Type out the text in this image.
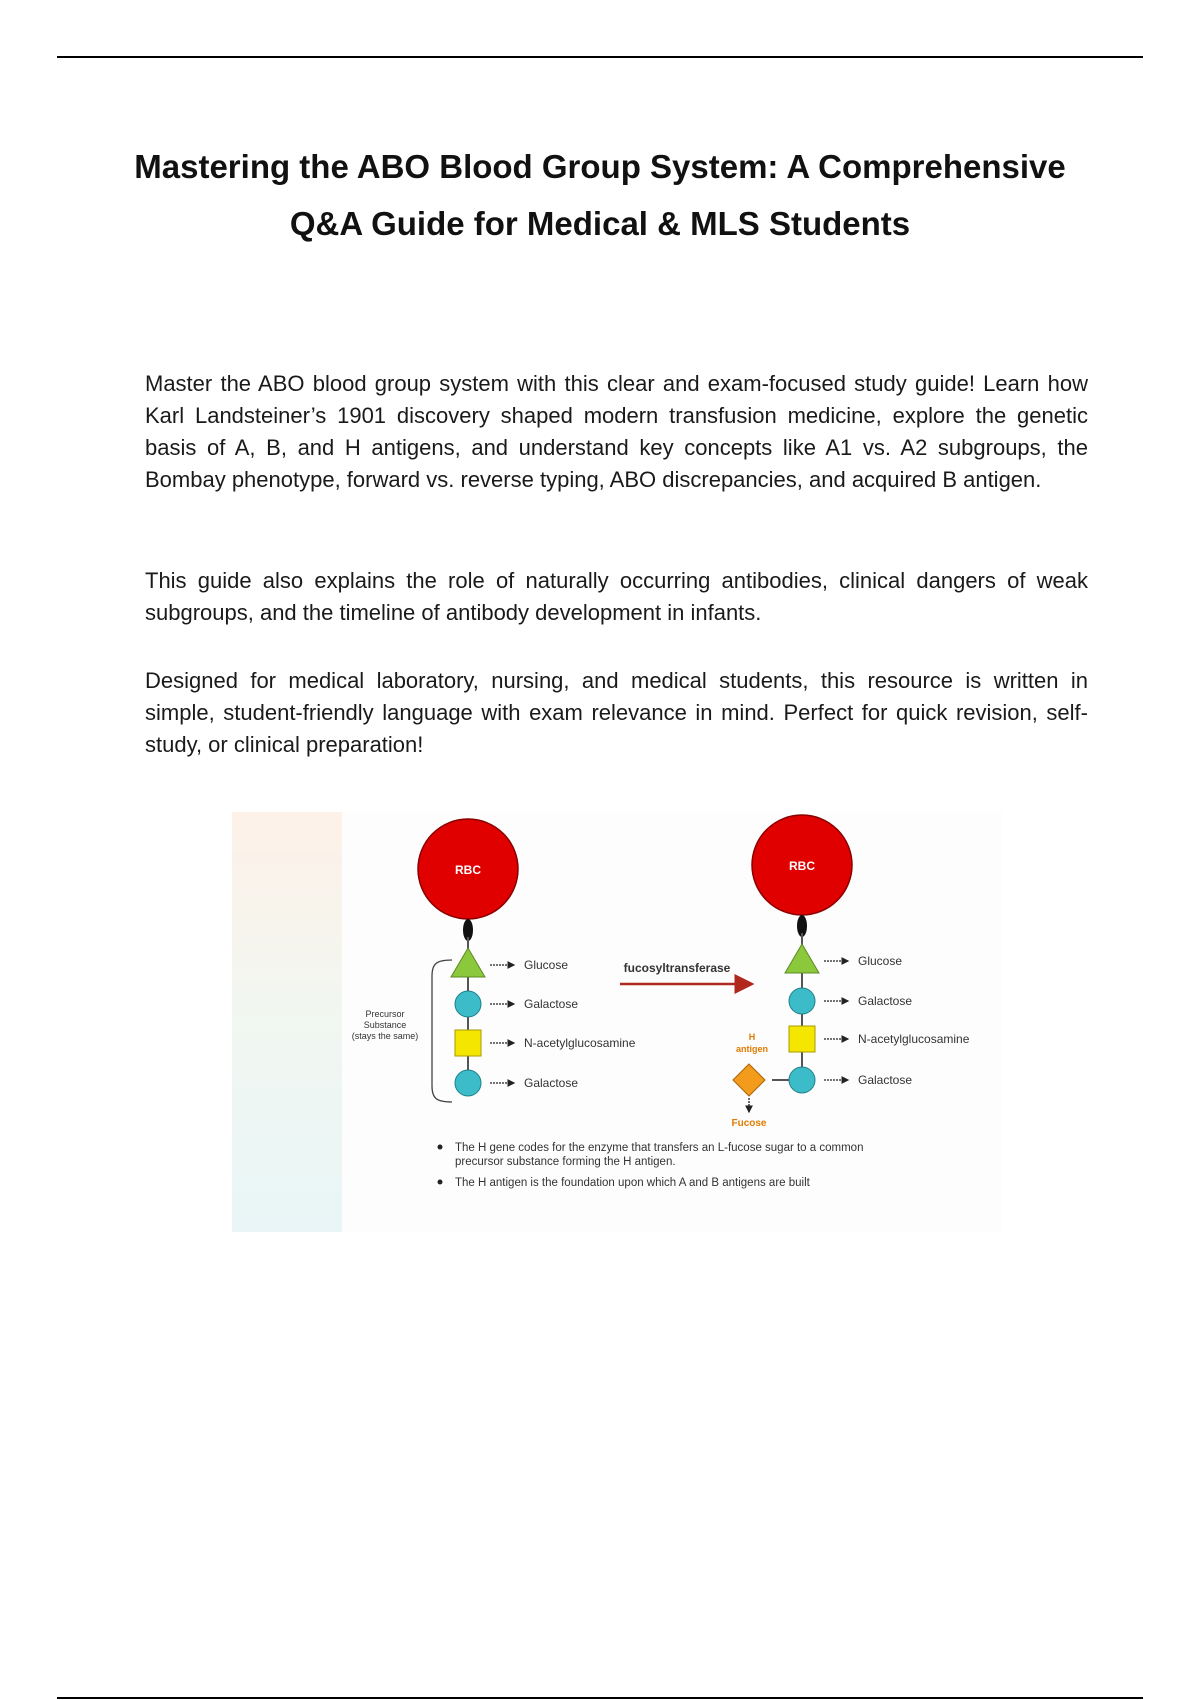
Mastering the ABO Blood Group System: A Comprehensive
Q&A Guide for Medical & MLS Students

Master the ABO blood group system with this clear and exam-focused study guide! Learn how Karl Landsteiner’s 1901 discovery shaped modern transfusion medicine, explore the genetic basis of A, B, and H antigens, and understand key concepts like A1 vs. A2 subgroups, the Bombay phenotype, forward vs. reverse typing, ABO discrepancies, and acquired B antigen.

This guide also explains the role of naturally occurring antibodies, clinical dangers of weak subgroups, and the timeline of antibody development in infants.

Designed for medical laboratory, nursing, and medical students, this resource is written in simple, student-friendly language with exam relevance in mind. Perfect for quick revision, self-study, or clinical preparation!

RBC
Glucose
Galactose
N-acetylglucosamine
Galactose
Precursor
Substance
(stays the same)
fucosyltransferase
RBC
Fucose
H
antigen
Glucose
Galactose
N-acetylglucosamine
Galactose
The H gene codes for the enzyme that transfers an L-fucose sugar to a common
precursor substance forming the H antigen.
The H antigen is the foundation upon which A and B antigens are built
